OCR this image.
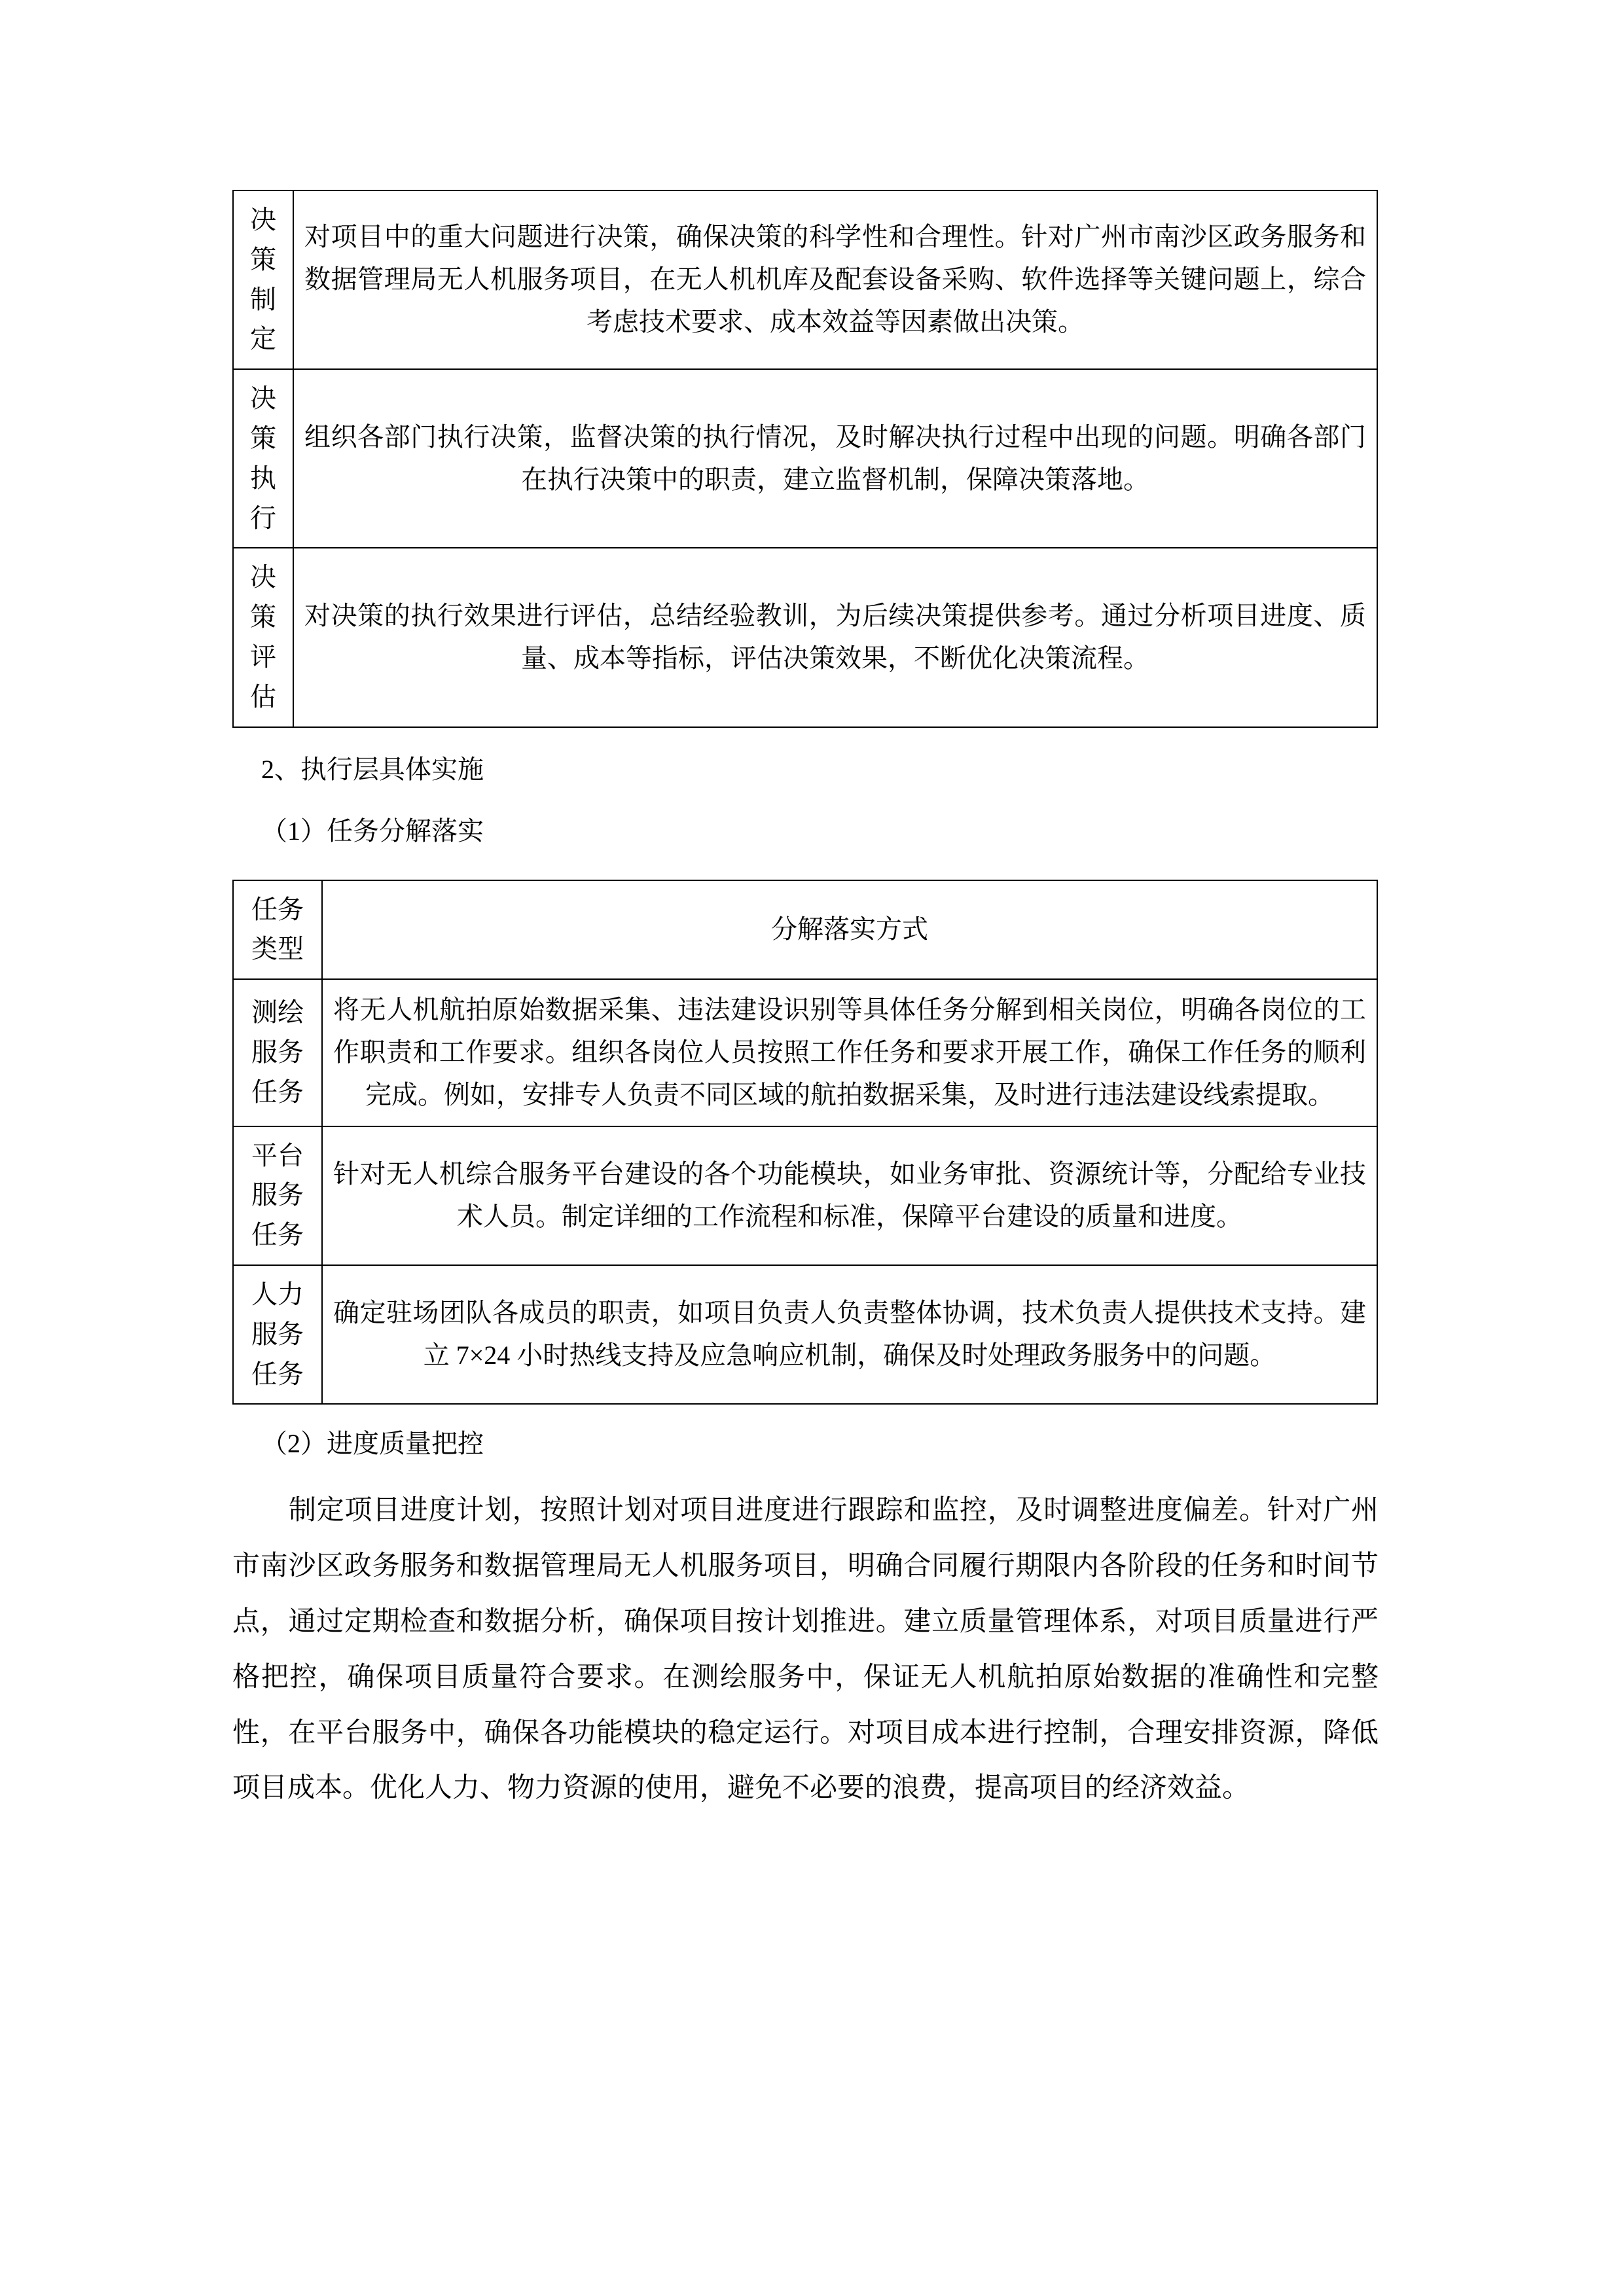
决
策
制
定	对项目中的重大问题进行决策，确保决策的科学性和合理性。针对广州市南沙区政务服务和数据管理局无人机服务项目，在无人机机库及配套设备采购、软件选择等关键问题上，综合考虑技术要求、成本效益等因素做出决策。

决
策
执
行	组织各部门执行决策，监督决策的执行情况，及时解决执行过程中出现的问题。明确各部门在执行决策中的职责，建立监督机制，保障决策落地。

决
策
评
估	对决策的执行效果进行评估，总结经验教训，为后续决策提供参考。通过分析项目进度、质量、成本等指标，评估决策效果，不断优化决策流程。
2、执行层具体实施
（1）任务分解落实
任务
类型	分解落实方式

测绘
服务
任务	将无人机航拍原始数据采集、违法建设识别等具体任务分解到相关岗位，明确各岗位的工作职责和工作要求。组织各岗位人员按照工作任务和要求开展工作，确保工作任务的顺利完成。例如，安排专人负责不同区域的航拍数据采集，及时进行违法建设线索提取。

平台
服务
任务	针对无人机综合服务平台建设的各个功能模块，如业务审批、资源统计等，分配给专业技术人员。制定详细的工作流程和标准，保障平台建设的质量和进度。

人力
服务
任务	确定驻场团队各成员的职责，如项目负责人负责整体协调，技术负责人提供技术支持。建立 7×24 小时热线支持及应急响应机制，确保及时处理政务服务中的问题。
（2）进度质量把控
制定项目进度计划，按照计划对项目进度进行跟踪和监控，及时调整进度偏差。针对广州市南沙区政务服务和数据管理局无人机服务项目，明确合同履行期限内各阶段的任务和时间节点，通过定期检查和数据分析，确保项目按计划推进。建立质量管理体系，对项目质量进行严格把控，确保项目质量符合要求。在测绘服务中，保证无人机航拍原始数据的准确性和完整性，在平台服务中，确保各功能模块的稳定运行。对项目成本进行控制，合理安排资源，降低项目成本。优化人力、物力资源的使用，避免不必要的浪费，提高项目的经济效益。
